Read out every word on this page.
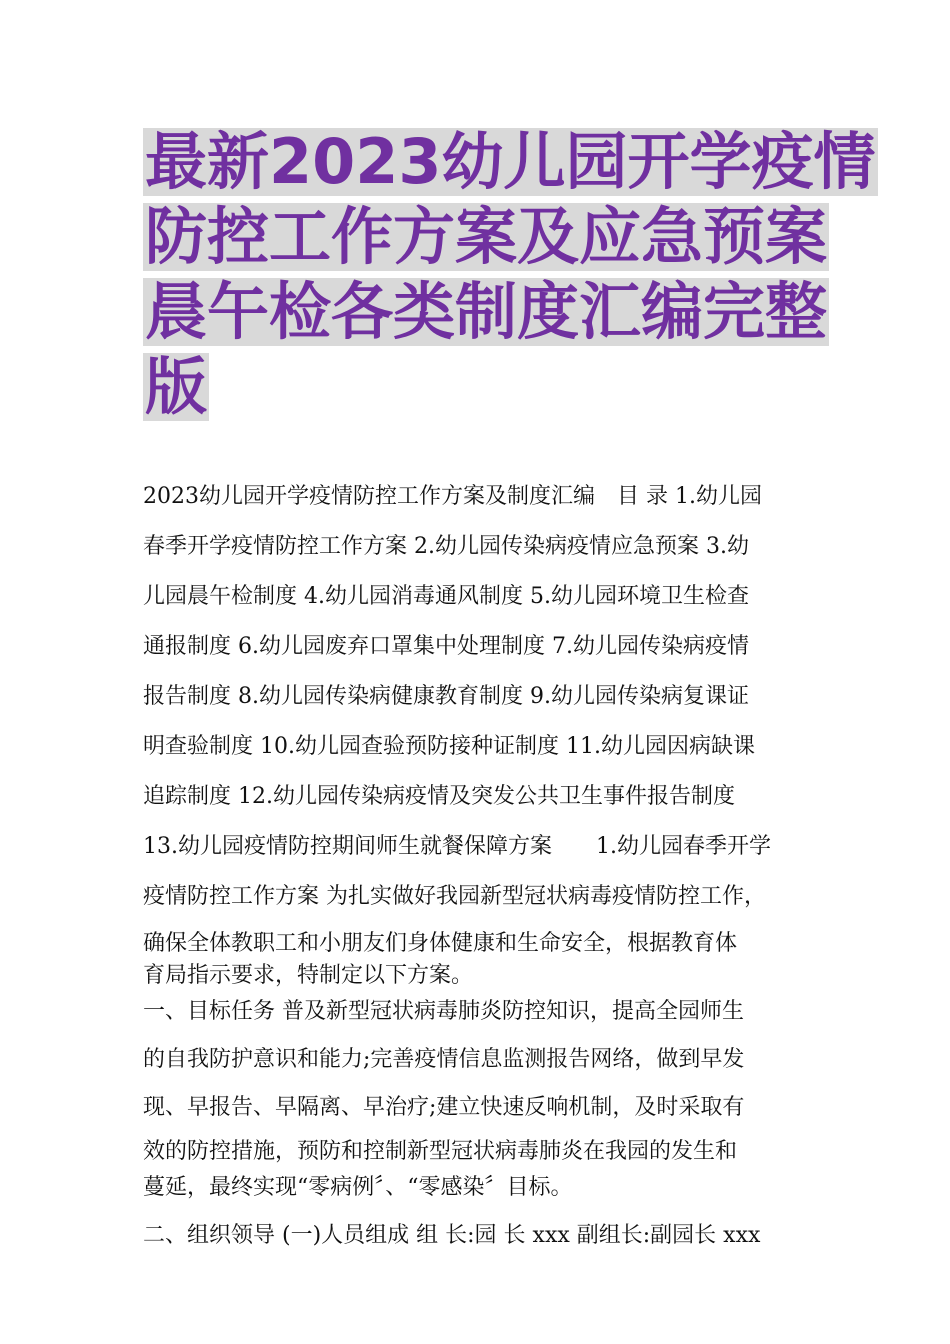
最新2023幼儿园开学疫情
防控工作方案及应急预案
晨午检各类制度汇编完整
版
2023幼儿园开学疫情防控工作方案及制度汇编　目 录 1.幼儿园
春季开学疫情防控工作方案 2.幼儿园传染病疫情应急预案 3.幼
儿园晨午检制度 4.幼儿园消毒通风制度 5.幼儿园环境卫生检查
通报制度 6.幼儿园废弃口罩集中处理制度 7.幼儿园传染病疫情
报告制度 8.幼儿园传染病健康教育制度 9.幼儿园传染病复课证
明查验制度 10.幼儿园查验预防接种证制度 11.幼儿园因病缺课
追踪制度 12.幼儿园传染病疫情及突发公共卫生事件报告制度
13.幼儿园疫情防控期间师生就餐保障方案　　1.幼儿园春季开学
疫情防控工作方案 为扎实做好我园新型冠状病毒疫情防控工作，
确保全体教职工和小朋友们身体健康和生命安全，根据教育体
育局指示要求，特制定以下方案。
一、目标任务 普及新型冠状病毒肺炎防控知识，提高全园师生
的自我防护意识和能力;完善疫情信息监测报告网络，做到早发
现、早报告、早隔离、早治疗;建立快速反响机制，及时采取有
效的防控措施，预防和控制新型冠状病毒肺炎在我园的发生和
蔓延，最终实现“零病例〞、“零感染〞目标。
二、组织领导 (一)人员组成 组 长:园 长 xxx 副组长:副园长 xxx
